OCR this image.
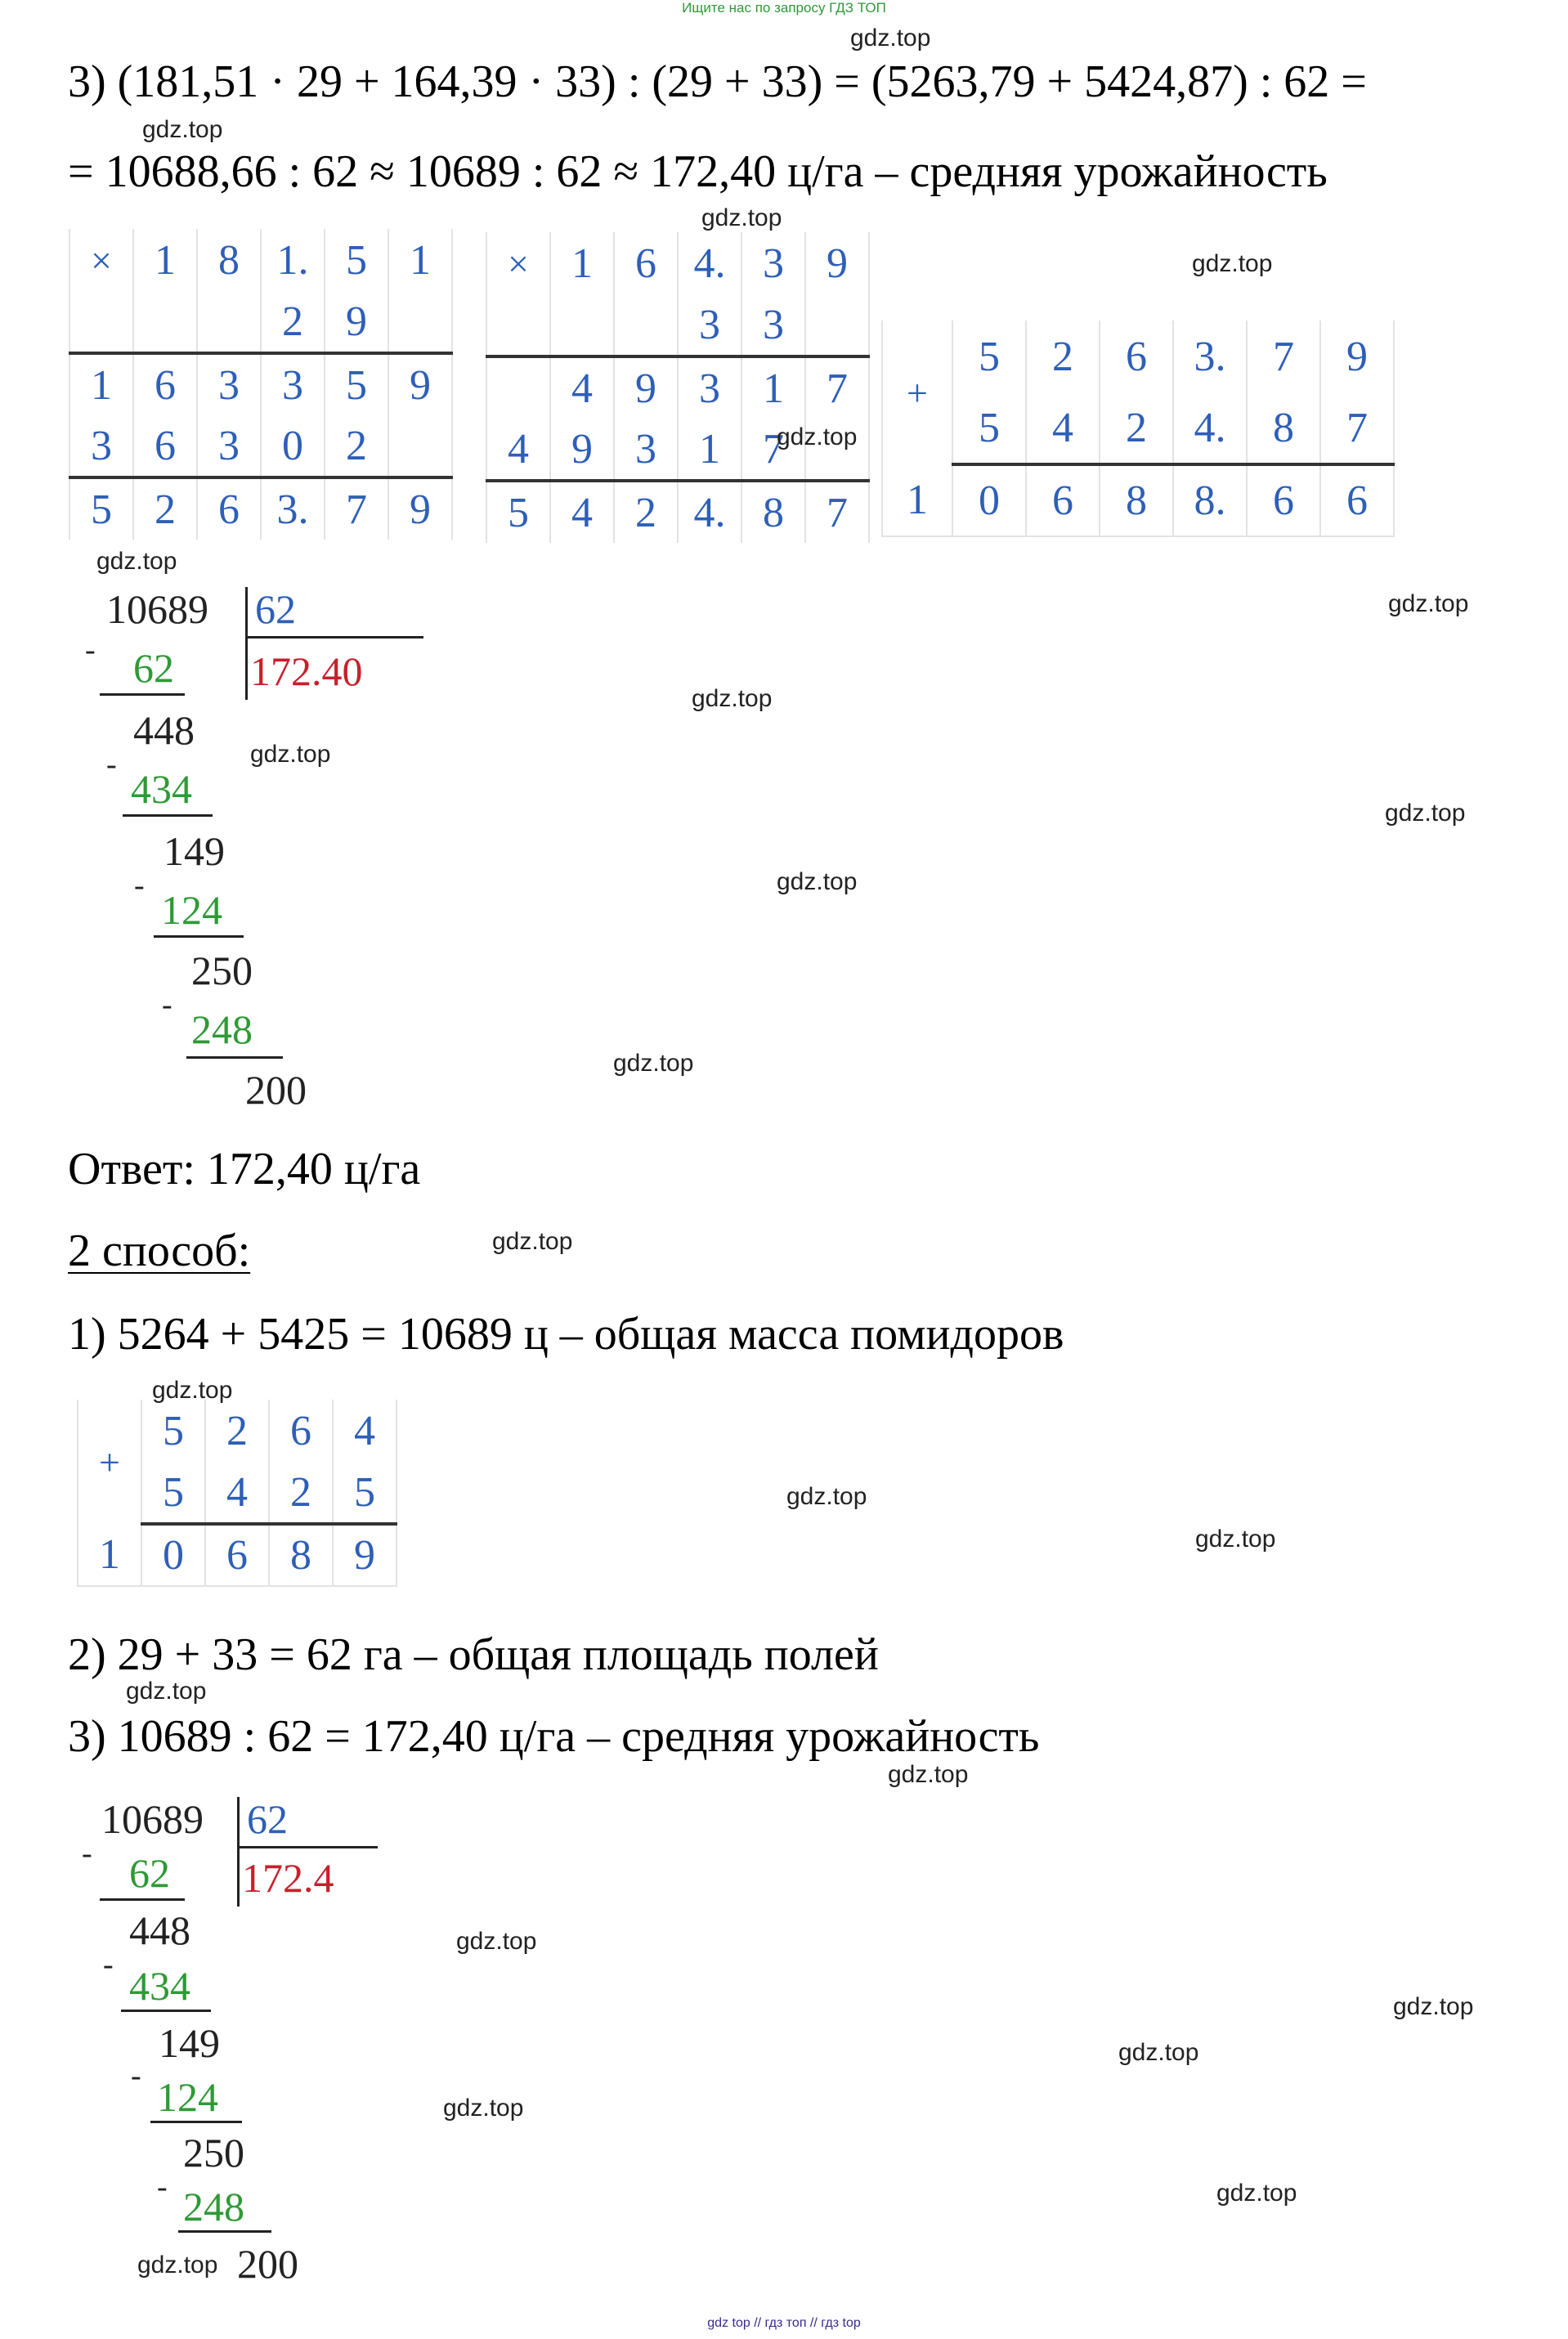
Ищите нас по запросу ГДЗ ТОП
3) (181,51 · 29 + 164,39 · 33) : (29 + 33) = (5263,79 + 5424,87) : 62 =
= 10688,66 : 62 ≈ 10689 : 62 ≈ 172,40 ц/га – средняя урожайность
×	1	8	1.	5	1
			2	9	
1	6	3	3	5	9
3	6	3	0	2	
5	2	6	3.	7	9
×	1	6	4.	3	9
			3	3	
	4	9	3	1	7
4	9	3	1	7	
5	4	2	4.	8	7
+	5	2	6	3.	7	9
	5	4	2	4.	8	7
1	0	6	8	8.	6	6
10689 62
172.40
- 62
448
-
434
149
-
124
250
-
248
200
Ответ: 172,40 ц/га
2 способ:
1) 5264 + 5425 = 10689 ц – общая масса помидоров
+	5	2	6	4
	5	4	2	5
1	0	6	8	9
2) 29 + 33 = 62 га – общая площадь полей
3) 10689 : 62 = 172,40 ц/га – средняя урожайность
10689 62
172.4
- 62
448
- 434
149
- 124
250
- 248
200
gdz.top
gdz.top
gdz.top
gdz.top
gdz.top
gdz.top
gdz.top
gdz.top
gdz.top
gdz.top
gdz.top
gdz.top
gdz.top
gdz.top
gdz.top
gdz.top
gdz.top
gdz.top
gdz.top
gdz.top
gdz.top
gdz.top
gdz.top
gdz.top
gdz top // гдз топ // гдз top
